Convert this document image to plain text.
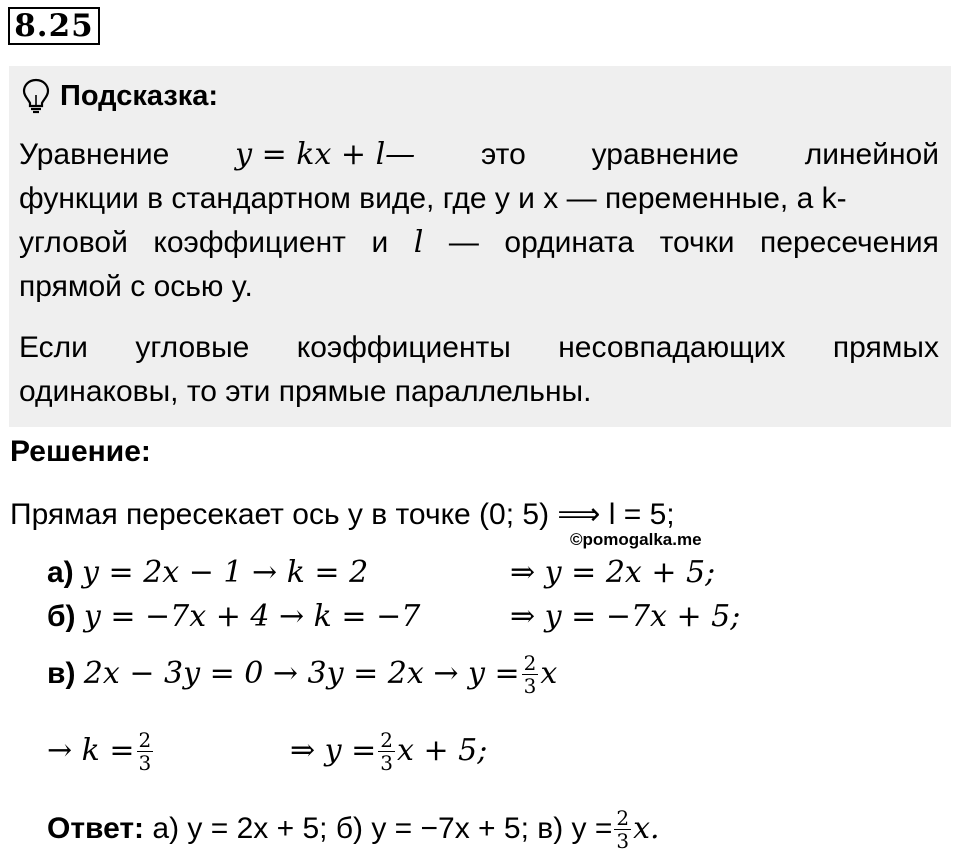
8.25
Подсказка:
Уравнение y = kx + l— это уравнение линейной
функции в стандартном виде, где y и x — переменные, а k-
угловой коэффициент и l — ордината точки пересечения
прямой с осью y.
Если угловые коэффициенты несовпадающих прямых
одинаковы, то эти прямые параллельны.
Решение:
Прямая пересекает ось y в точке (0; 5) ⟹ l = 5;
©pomogalka.me
а) y = 2x − 1 → k = 2	⇒ y = 2x + 5;
б) y = −7x + 4 → k = −7	⇒ y = −7x + 5;
в)
$2x - 3y = 0 \to 3y = 2x \to y = \frac{2}{3}$ x
→ $k = \frac{2}{3}$	⇒ $y = \frac{2}{3}$ x + 5;
Ответ:
а) y = 2x + 5; б) y = −7x + 5; в) $y = \frac{2}{3} x$.
